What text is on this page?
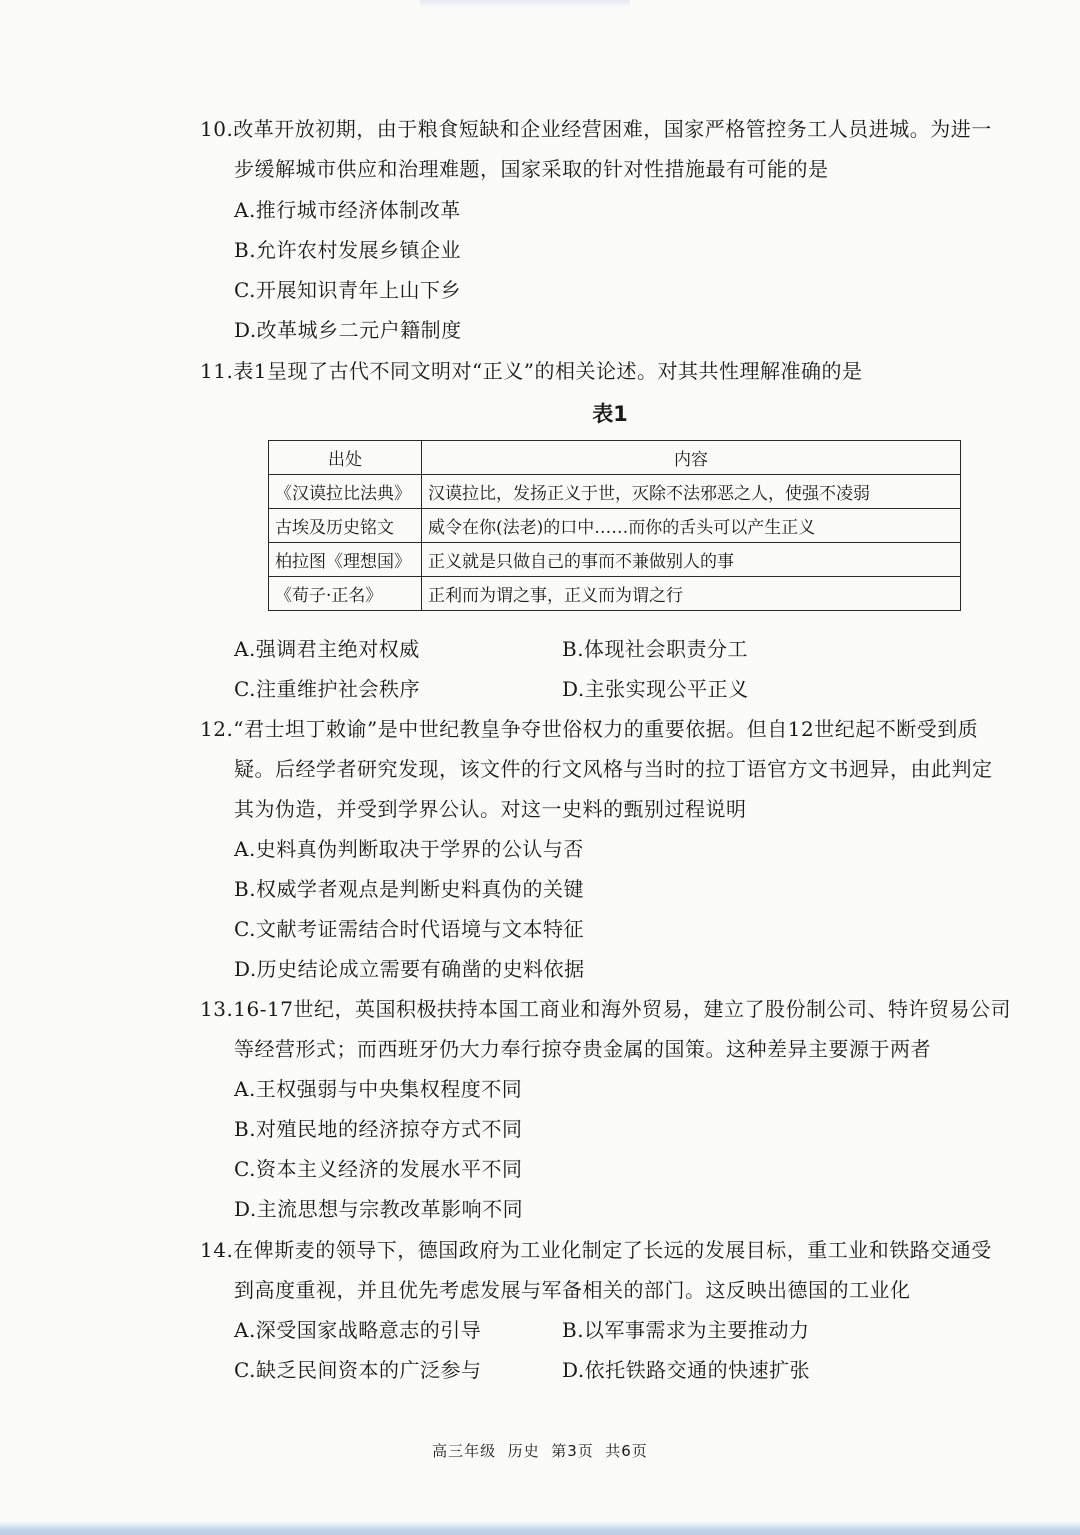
10.改革开放初期，由于粮食短缺和企业经营困难，国家严格管控务工人员进城。为进一
步缓解城市供应和治理难题，国家采取的针对性措施最有可能的是
A.推行城市经济体制改革
B.允许农村发展乡镇企业
C.开展知识青年上山下乡
D.改革城乡二元户籍制度
11.表1呈现了古代不同文明对“正义”的相关论述。对其共性理解准确的是
表1
出处	内容
《汉谟拉比法典》	汉谟拉比，发扬正义于世，灭除不法邪恶之人，使强不凌弱
古埃及历史铭文	威令在你(法老)的口中……而你的舌头可以产生正义
柏拉图《理想国》	正义就是只做自己的事而不兼做别人的事
《荀子·正名》	正利而为谓之事，正义而为谓之行
A.强调君主绝对权威	B.体现社会职责分工
C.注重维护社会秩序	D.主张实现公平正义
12.“君士坦丁敕谕”是中世纪教皇争夺世俗权力的重要依据。但自12世纪起不断受到质
疑。后经学者研究发现，该文件的行文风格与当时的拉丁语官方文书迥异，由此判定
其为伪造，并受到学界公认。对这一史料的甄别过程说明
A.史料真伪判断取决于学界的公认与否
B.权威学者观点是判断史料真伪的关键
C.文献考证需结合时代语境与文本特征
D.历史结论成立需要有确凿的史料依据
13.16-17世纪，英国积极扶持本国工商业和海外贸易，建立了股份制公司、特许贸易公司
等经营形式；而西班牙仍大力奉行掠夺贵金属的国策。这种差异主要源于两者
A.王权强弱与中央集权程度不同
B.对殖民地的经济掠夺方式不同
C.资本主义经济的发展水平不同
D.主流思想与宗教改革影响不同
14.在俾斯麦的领导下，德国政府为工业化制定了长远的发展目标，重工业和铁路交通受
到高度重视，并且优先考虑发展与军备相关的部门。这反映出德国的工业化
A.深受国家战略意志的引导	B.以军事需求为主要推动力
C.缺乏民间资本的广泛参与	D.依托铁路交通的快速扩张
高三年级  历史  第3页  共6页
